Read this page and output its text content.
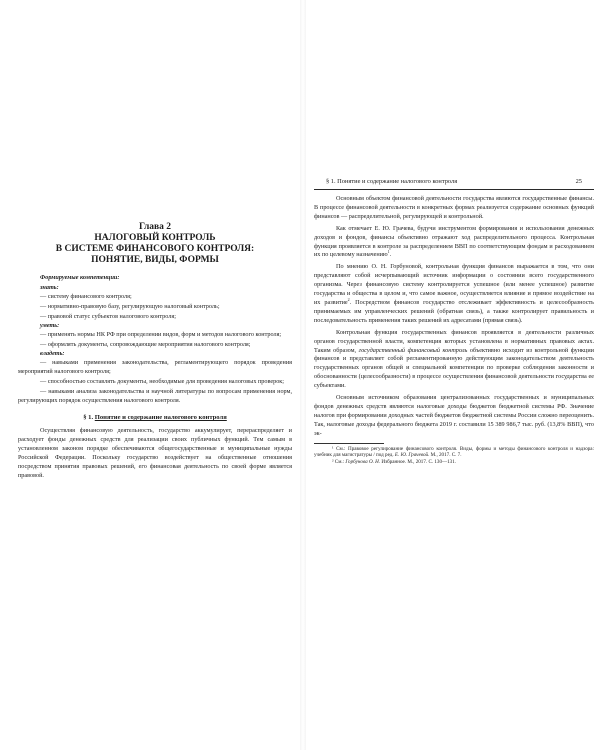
Глава 2
НАЛОГОВЫЙ КОНТРОЛЬ
В СИСТЕМЕ ФИНАНСОВОГО КОНТРОЛЯ:
ПОНЯТИЕ, ВИДЫ, ФОРМЫ
Формируемые компетенции:
знать:

— систему финансового контроля;

— нормативно-правовую базу, регулирующую налоговый контроль;

— правовой статус субъектов налогового контроля;

уметь:

— применять нормы НК РФ при определении видов, форм и методов налогового контроля;

— оформлять документы, сопровождающие мероприятия налогового контроля;

владеть:

— навыками применения законодательства, регламентирующего порядок проведения мероприятий налогового контроля;

— способностью составлять документы, необходимые для проведения налоговых проверок;

— навыками анализа законодательства и научной литературы по вопросам применения норм, регулирующих порядок осуществления налогового контроля.

§ 1. Понятие и содержание налогового контроля

Осуществляя финансовую деятельность, государство аккумулирует, перераспределяет и расходует фонды денежных средств для реализации своих публичных функций. Тем самым в установленном законом порядке обеспечиваются общегосударственные и муниципальные нужды Российской Федерации. Поскольку государство воздействует на общественные отношения посредством принятия правовых решений, его финансовая деятельность по своей форме является правовой.

§ 1. Понятие и содержание налогового контроля	25

Основным объектом финансовой деятельности государства являются государственные финансы. В процессе финансовой деятельности в конкретных формах реализуется содержание основных функций финансов — распределительной, регулирующей и контрольной.

Как отмечает Е. Ю. Грачева, будучи инструментом формирования и использования денежных доходов и фондов, финансы объективно отражают ход распределительного процесса. Контрольная функция проявляется в контроле за распределением ВВП по соответствующим фондам и расходованием их по целевому назначению$^1$.

По мнению О. Н. Горбуновой, контрольная функция финансов выражается в том, что они представляют собой исчерпывающий источник информации о состоянии всего государственного организма. Через финансовую систему контролируется успешное (или менее успешное) развитие государства и общества в целом и, что самое важное, осуществляется влияние и прямое воздействие на их развитие$^2$. Посредством финансов государство отслеживает эффективность и целесообразность принимаемых им управленческих решений (обратная связь), а также контролирует правильность и последовательность применения таких решений их адресатами (прямая связь).

Контрольная функция государственных финансов проявляется в деятельности различных органов государственной власти, компетенция которых установлена в нормативных правовых актах. Таким образом, государственный финансовый контроль объективно исходит из контрольной функции финансов и представляет собой регламентированную действующим законодательством деятельность государственных органов общей и специальной компетенции по проверке соблюдения законности и обоснованности (целесообразности) в процессе осуществления финансовой деятельности государства ее субъектами.

Основным источником образования централизованных государственных и муниципальных фондов денежных средств являются налоговые доходы бюджетов бюджетной системы РФ. Значение налогов при формировании доходных частей бюджетов бюджетной системы России сложно переоценить. Так, налоговые доходы федерального бюджета 2019 г. составили 15 389 986,7 тыс. руб. (13,8% ВВП), что эк-

¹ См.: Правовое регулирование финансового контроля. Виды, формы и методы финансового контроля и надзора: учебник для магистратуры / под ред. Е. Ю. Грачевой. М., 2017. С. 7.

² См.: Горбунова О. Н. Избранное. М., 2017. С. 130—131.
